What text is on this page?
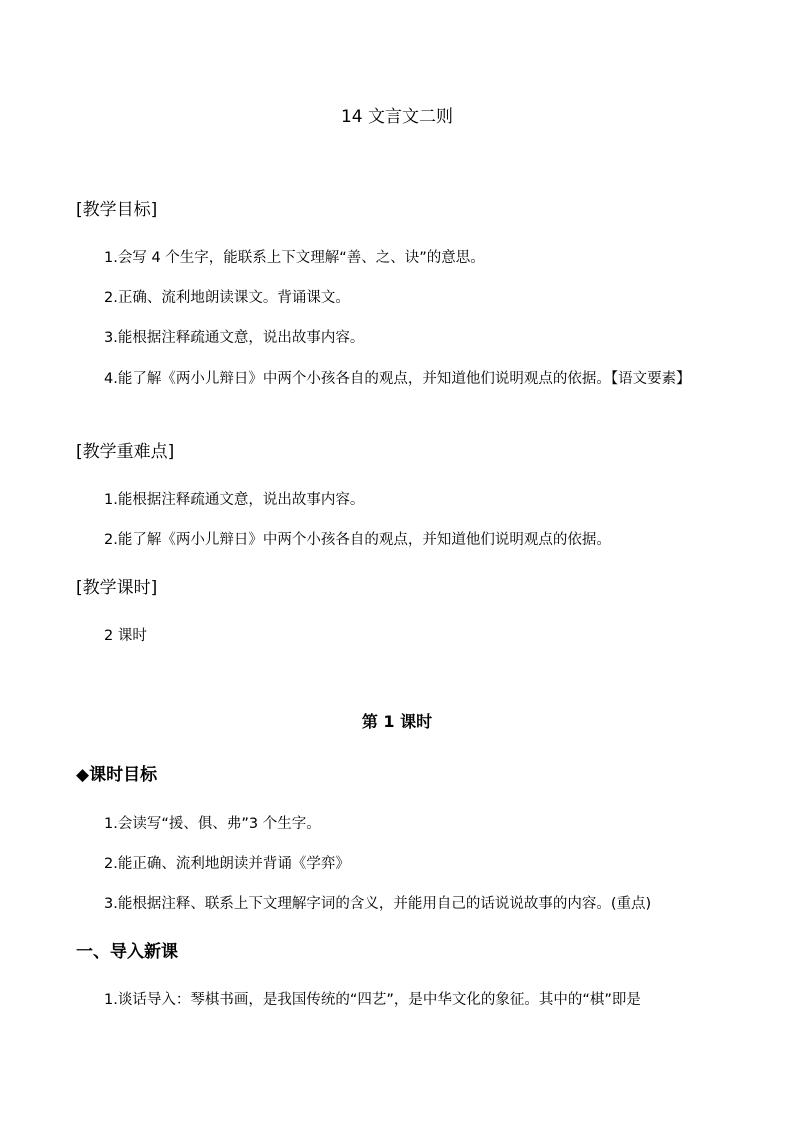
14 文言文二则
[教学目标]
1.会写 4 个生字，能联系上下文理解“善、之、诀”的意思。
2.正确、流利地朗读课文。背诵课文。
3.能根据注释疏通文意，说出故事内容。
4.能了解《两小儿辩日》中两个小孩各自的观点，并知道他们说明观点的依据。【语文要素】
[教学重难点]
1.能根据注释疏通文意，说出故事内容。
2.能了解《两小儿辩日》中两个小孩各自的观点，并知道他们说明观点的依据。
[教学课时]
2 课时
第 1 课时
◆课时目标
1.会读写“援、俱、弗”3 个生字。
2.能正确、流利地朗读并背诵《学弈》
3.能根据注释、联系上下文理解字词的含义，并能用自己的话说说故事的内容。(重点)
一、导入新课
1.谈话导入：琴棋书画，是我国传统的“四艺”，是中华文化的象征。其中的“棋”即是
